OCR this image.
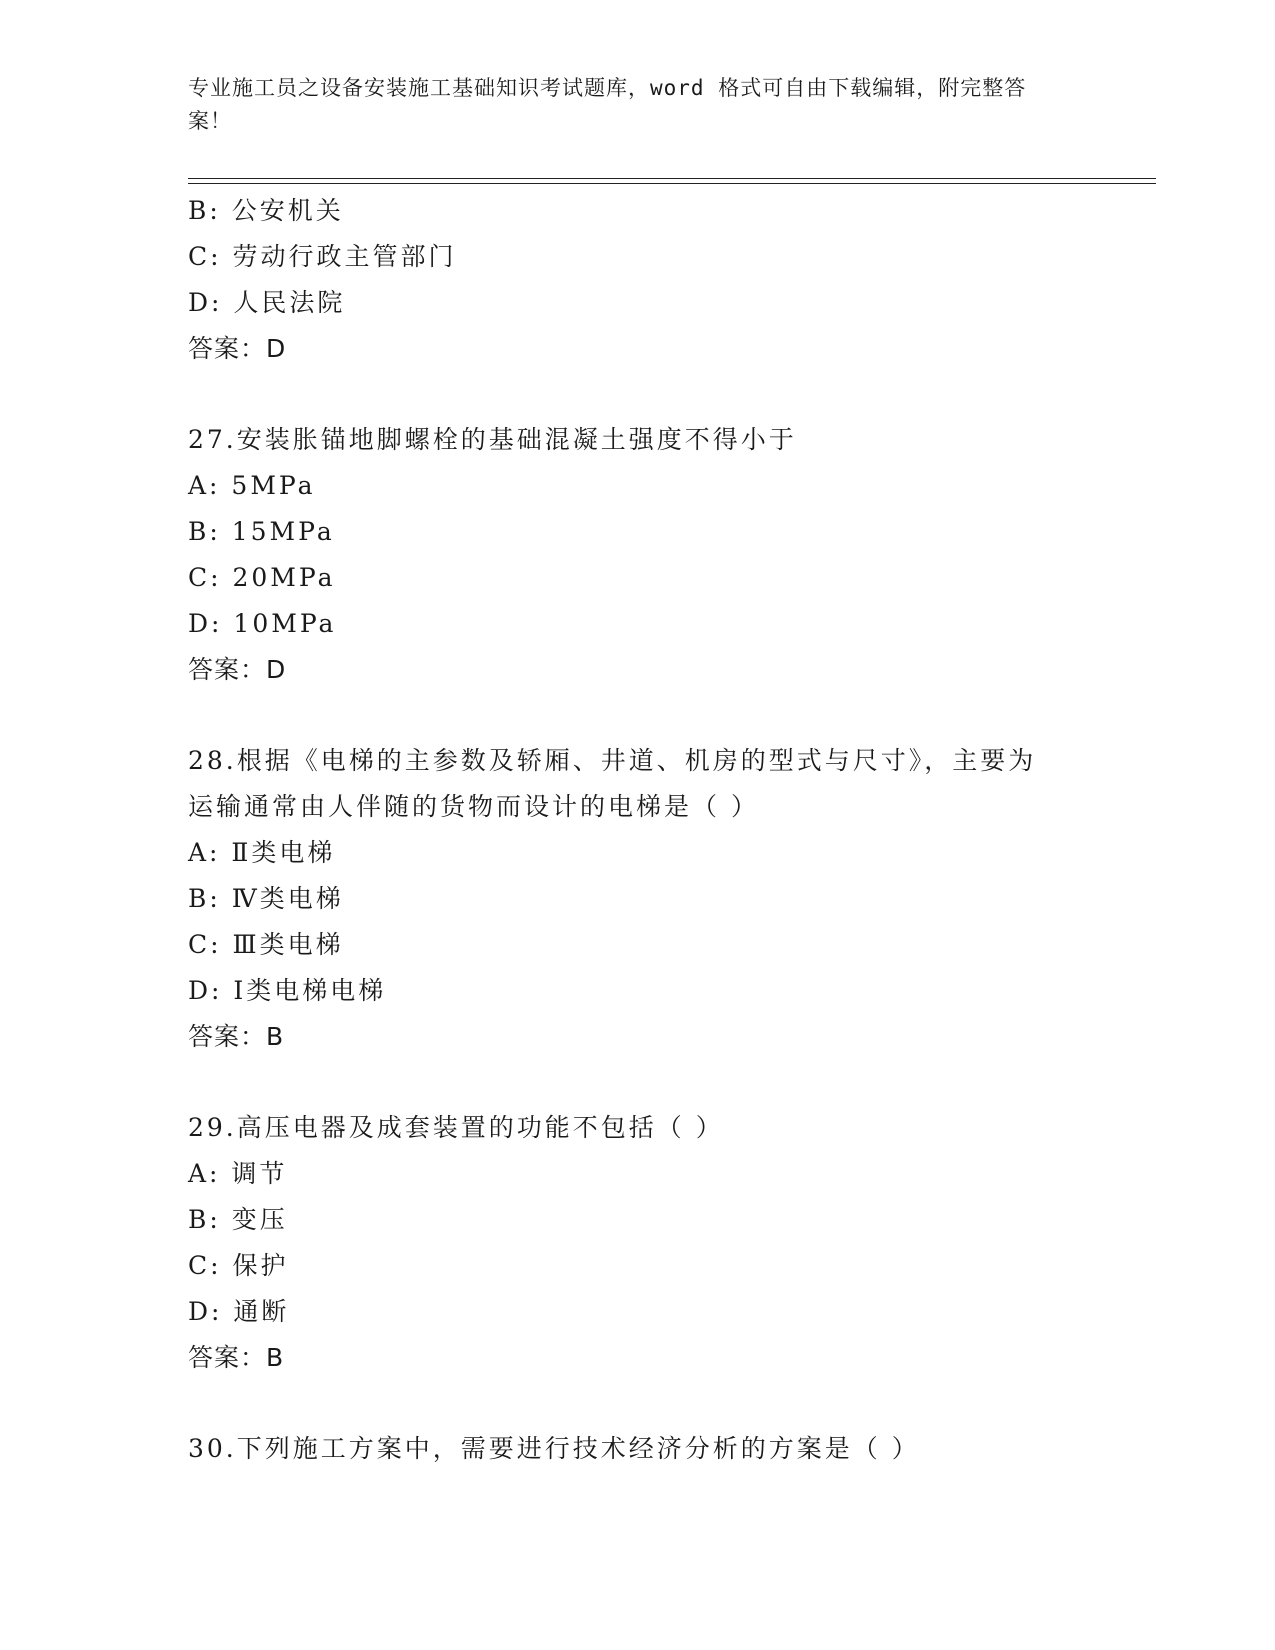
专业施工员之设备安装施工基础知识考试题库，word 格式可自由下载编辑，附完整答案！
B: 公安机关
C: 劳动行政主管部门
D: 人民法院
答案：D
27.安装胀锚地脚螺栓的基础混凝土强度不得小于
A: 5MPa
B: 15MPa
C: 20MPa
D: 10MPa
答案：D
28.根据《电梯的主参数及轿厢、井道、机房的型式与尺寸》，主要为
运输通常由人伴随的货物而设计的电梯是（ ）
A: Ⅱ类电梯
B: Ⅳ类电梯
C: Ⅲ类电梯
D: Ⅰ类电梯电梯
答案：B
29.高压电器及成套装置的功能不包括（ ）
A: 调节
B: 变压
C: 保护
D: 通断
答案：B
30.下列施工方案中，需要进行技术经济分析的方案是（ ）
